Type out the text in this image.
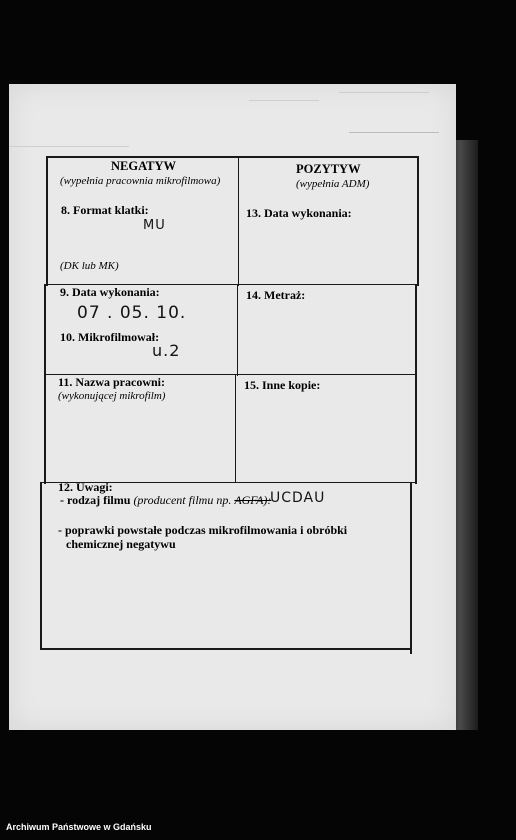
NEGATYW
(wypełnia pracownia mikrofilmowa)
POZYTYW
(wypełnia ADM)
8. Format klatki:
MU
(DK lub MK)
13. Data wykonania:
9. Data wykonania:
07 . 05. 10.
10. Mikrofilmował:
u.2
14. Metraż:
11. Nazwa pracowni:
(wykonującej mikrofilm)
15. Inne kopie:
12. Uwagi:
- rodzaj filmu (producent filmu np. AGFA):
UCDAU
- poprawki powstałe podczas mikrofilmowania i obróbki
chemicznej negatywu
Archiwum Państwowe w Gdańsku
